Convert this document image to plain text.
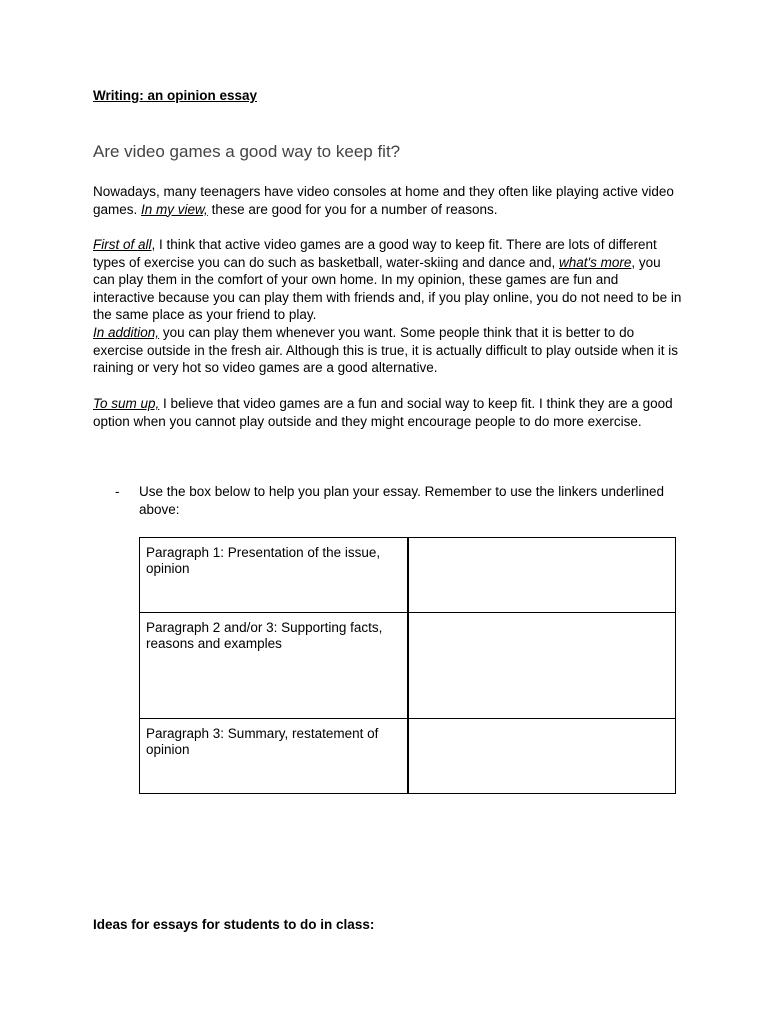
Writing: an opinion essay
Are video games a good way to keep fit?

Nowadays, many teenagers have video consoles at home and they often like playing active video games. In my view, these are good for you for a number of reasons.

First of all, I think that active video games are a good way to keep fit. There are lots of different types of exercise you can do such as basketball, water-skiing and dance and, what's more, you can play them in the comfort of your own home. In my opinion, these games are fun and interactive because you can play them with friends and, if you play online, you do not need to be in the same place as your friend to play.
In addition, you can play them whenever you want. Some people think that it is better to do exercise outside in the fresh air. Although this is true, it is actually difficult to play outside when it is raining or very hot so video games are a good alternative.

To sum up, I believe that video games are a fun and social way to keep fit. I think they are a good option when you cannot play outside and they might encourage people to do more exercise.

-	Use the box below to help you plan your essay. Remember to use the linkers underlined above:
Paragraph 1: Presentation of the issue, opinion	
Paragraph 2 and/or 3: Supporting facts, reasons and examples	
Paragraph 3: Summary, restatement of opinion	
Ideas for essays for students to do in class:
